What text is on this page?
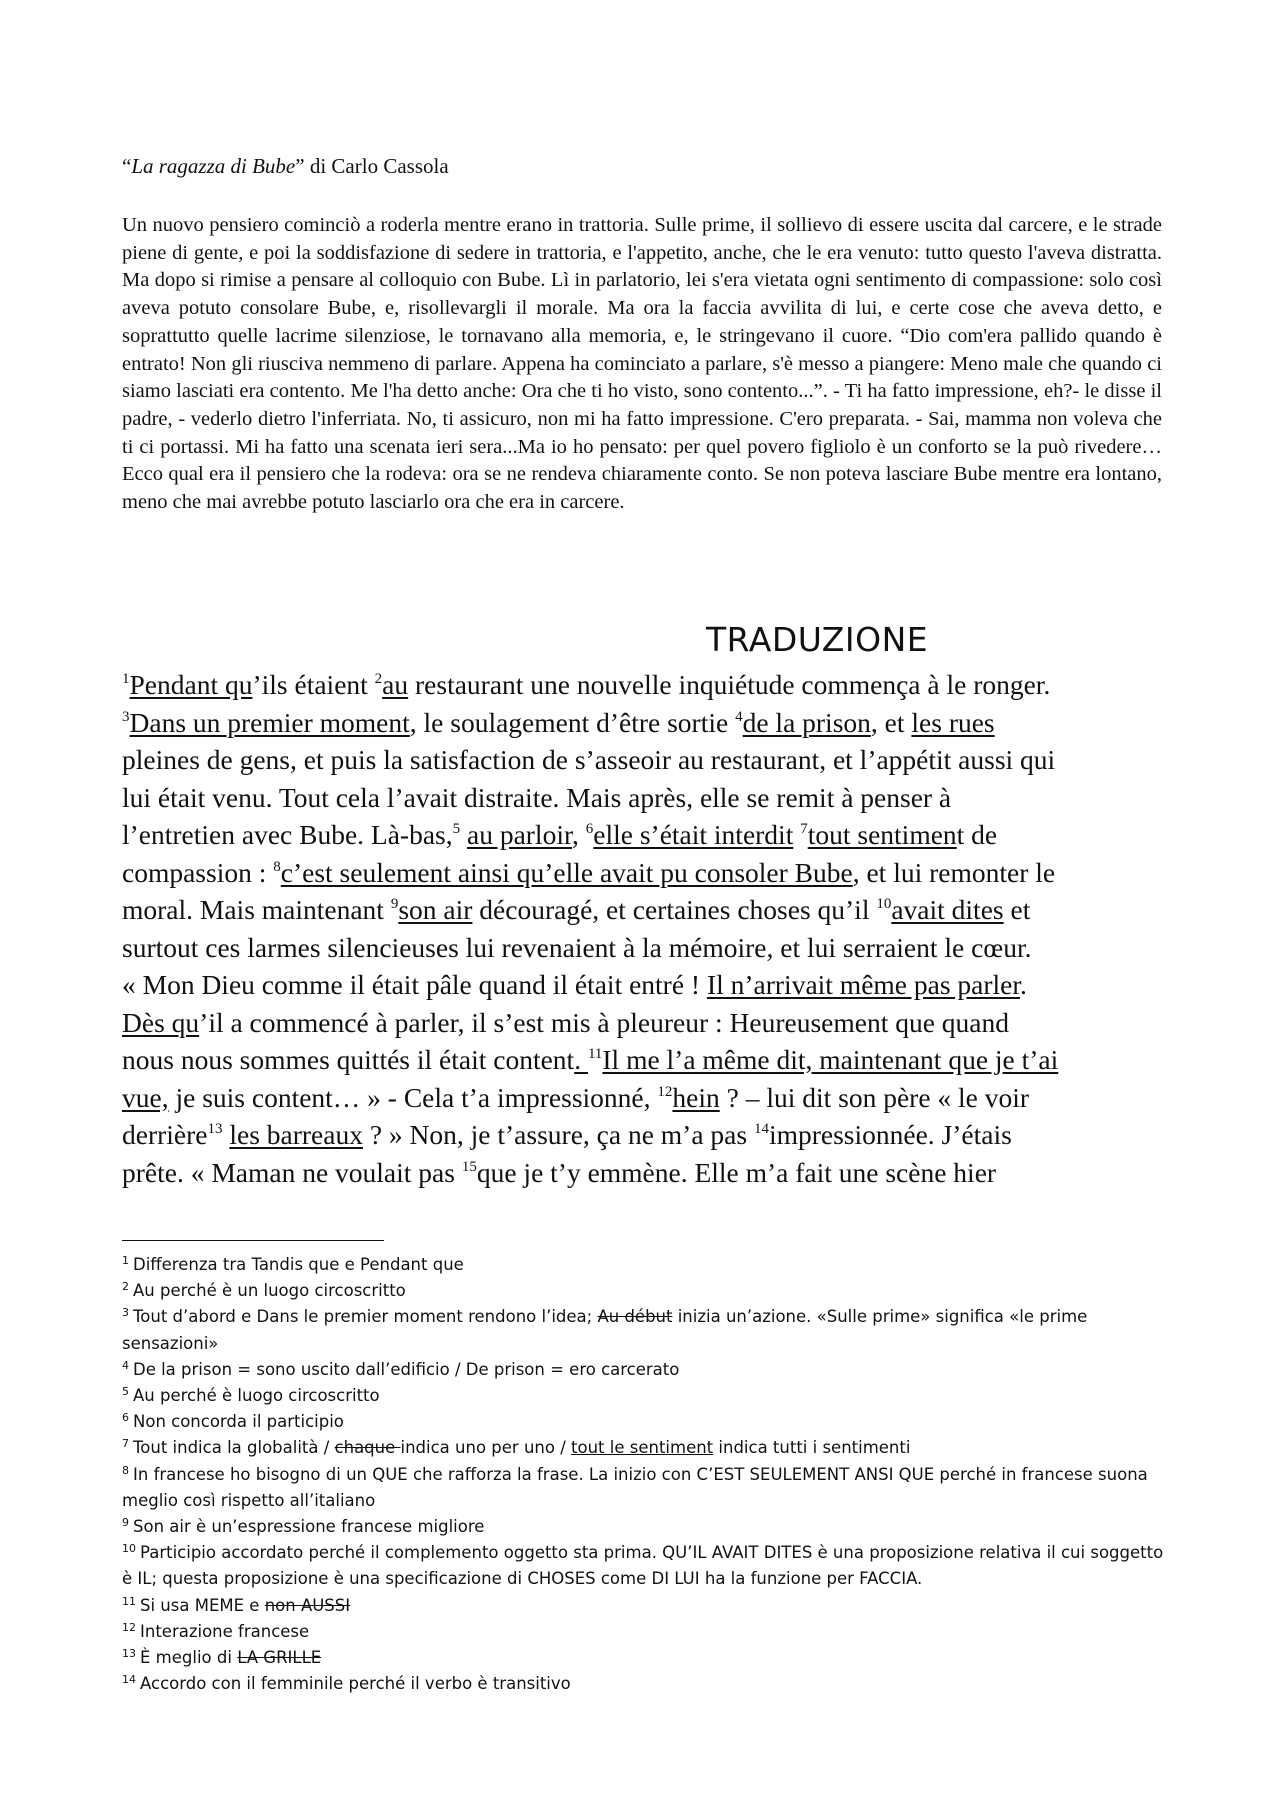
“La ragazza di Bube” di Carlo Cassola

Un nuovo pensiero cominciò a roderla mentre erano in trattoria. Sulle prime, il sollievo di essere uscita dal carcere, e le strade piene di gente, e poi la soddisfazione di sedere in trattoria, e l'appetito, anche, che le era venuto: tutto questo l'aveva distratta. Ma dopo si rimise a pensare al colloquio con Bube. Lì in parlatorio, lei s'era vietata ogni sentimento di compassione: solo così aveva potuto consolare Bube, e, risollevargli il morale. Ma ora la faccia avvilita di lui, e certe cose che aveva detto, e soprattutto quelle lacrime silenziose, le tornavano alla memoria, e, le stringevano il cuore. “Dio com'era pallido quando è entrato! Non gli riusciva nemmeno di parlare. Appena ha cominciato a parlare, s'è messo a piangere: Meno male che quando ci siamo lasciati era contento. Me l'ha detto anche: Ora che ti ho visto, sono contento...”. - Ti ha fatto impressione, eh?- le disse il padre, - vederlo dietro l'inferriata. No, ti assicuro, non mi ha fatto impressione. C'ero preparata. - Sai, mamma non voleva che ti ci portassi. Mi ha fatto una scenata ieri sera...Ma io ho pensato: per quel povero figliolo è un conforto se la può rivedere…Ecco qual era il pensiero che la rodeva: ora se ne rendeva chiaramente conto. Se non poteva lasciare Bube mentre era lontano, meno che mai avrebbe potuto lasciarlo ora che era in carcere.

TRADUZIONE
$^1$Pendant qu’ils étaient $^2$au restaurant une nouvelle inquiétude commença à le ronger.
$^3$Dans un premier moment, le soulagement d’être sortie $^4$de la prison, et les rues
pleines de gens, et puis la satisfaction de s’asseoir au restaurant, et l’appétit aussi qui
lui était venu. Tout cela l’avait distraite. Mais après, elle se remit à penser à
l’entretien avec Bube. Là-bas,$^5$ au parloir, $^6$elle s’était interdit $^7$tout sentiment de
compassion : $^8$c’est seulement ainsi qu’elle avait pu consoler Bube, et lui remonter le
moral. Mais maintenant $^9$son air découragé, et certaines choses qu’il $^{10}$avait dites et
surtout ces larmes silencieuses lui revenaient à la mémoire, et lui serraient le cœur.
« Mon Dieu comme il était pâle quand il était entré ! Il n’arrivait même pas parler.
Dès qu’il a commencé à parler, il s’est mis à pleureur : Heureusement que quand
nous nous sommes quittés il était content. $^{11}$Il me l’a même dit, maintenant que je t’ai
vue, je suis content… » - Cela t’a impressionné, $^{12}$hein ? – lui dit son père « le voir
derrière$^{13}$ les barreaux ? » Non, je t’assure, ça ne m’a pas $^{14}$impressionnée. J’étais
prête. « Maman ne voulait pas $^{15}$que je t’y emmène. Elle m’a fait une scène hier
$^1$ Differenza tra Tandis que e Pendant que
$^2$ Au perché è un luogo circoscritto
$^3$ Tout d’abord e Dans le premier moment rendono l’idea; Au début inizia un’azione. «Sulle prime» significa «le prime sensazioni»
$^4$ De la prison = sono uscito dall’edificio / De prison = ero carcerato
$^5$ Au perché è luogo circoscritto
$^6$ Non concorda il participio
$^7$ Tout indica la globalità / chaque indica uno per uno / tout le sentiment indica tutti i sentimenti
$^8$ In francese ho bisogno di un QUE che rafforza la frase. La inizio con C’EST SEULEMENT ANSI QUE perché in francese suona meglio così rispetto all’italiano
$^9$ Son air è un’espressione francese migliore
$^{10}$ Participio accordato perché il complemento oggetto sta prima. QU’IL AVAIT DITES è una proposizione relativa il cui soggetto è IL; questa proposizione è una specificazione di CHOSES come DI LUI ha la funzione per FACCIA.
$^{11}$ Si usa MEME e non AUSSI
$^{12}$ Interazione francese
$^{13}$ È meglio di LA GRILLE
$^{14}$ Accordo con il femminile perché il verbo è transitivo
